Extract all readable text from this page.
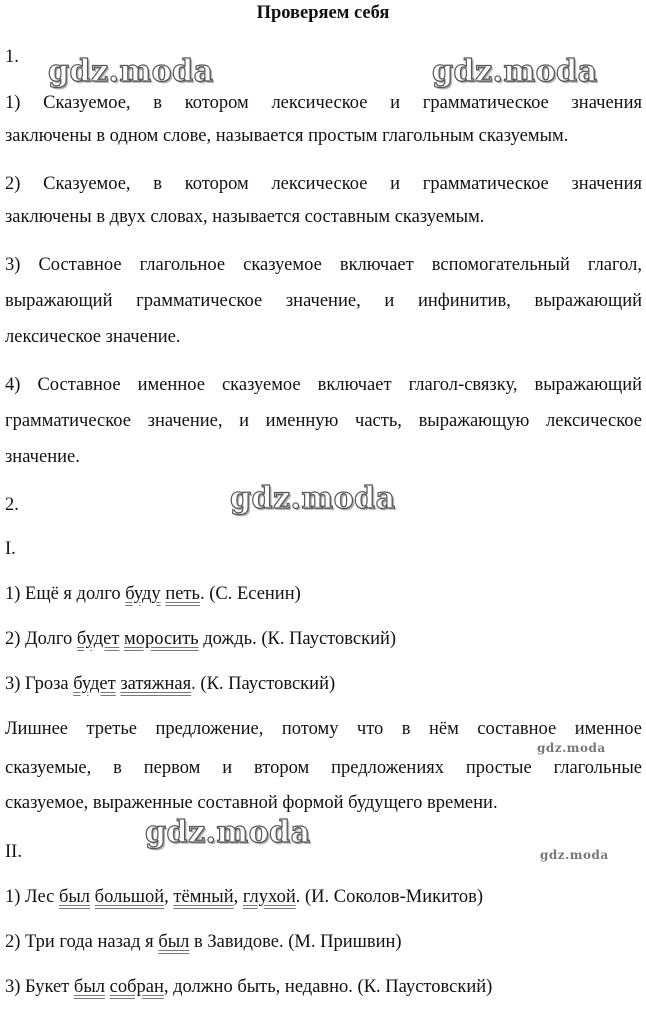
Проверяем себя
1.
1) Сказуемое, в котором лексическое и грамматическое значения
заключены в одном слове, называется простым глагольным сказуемым.
2) Сказуемое, в котором лексическое и грамматическое значения
заключены в двух словах, называется составным сказуемым.
3) Составное глагольное сказуемое включает вспомогательный глагол,
выражающий грамматическое значение, и инфинитив, выражающий
лексическое значение.
4) Составное именное сказуемое включает глагол-связку, выражающий
грамматическое значение, и именную часть, выражающую лексическое
значение.
2.
I.
1) Ещё я долго буду петь. (С. Есенин)
2) Долго будет моросить дождь. (К. Паустовский)
3) Гроза будет затяжная. (К. Паустовский)
Лишнее третье предложение, потому что в нём составное именное
сказуемые, в первом и втором предложениях простые глагольные
сказуемое, выраженные составной формой будущего времени.
II.
1) Лес был большой, тёмный, глухой. (И. Соколов-Микитов)
2) Три года назад я был в Завидове. (М. Пришвин)
3) Букет был собран, должно быть, недавно. (К. Паустовский)
gdz.moda	gdz.moda
gdz.moda
gdz.moda
gdz.moda
gdz.moda
